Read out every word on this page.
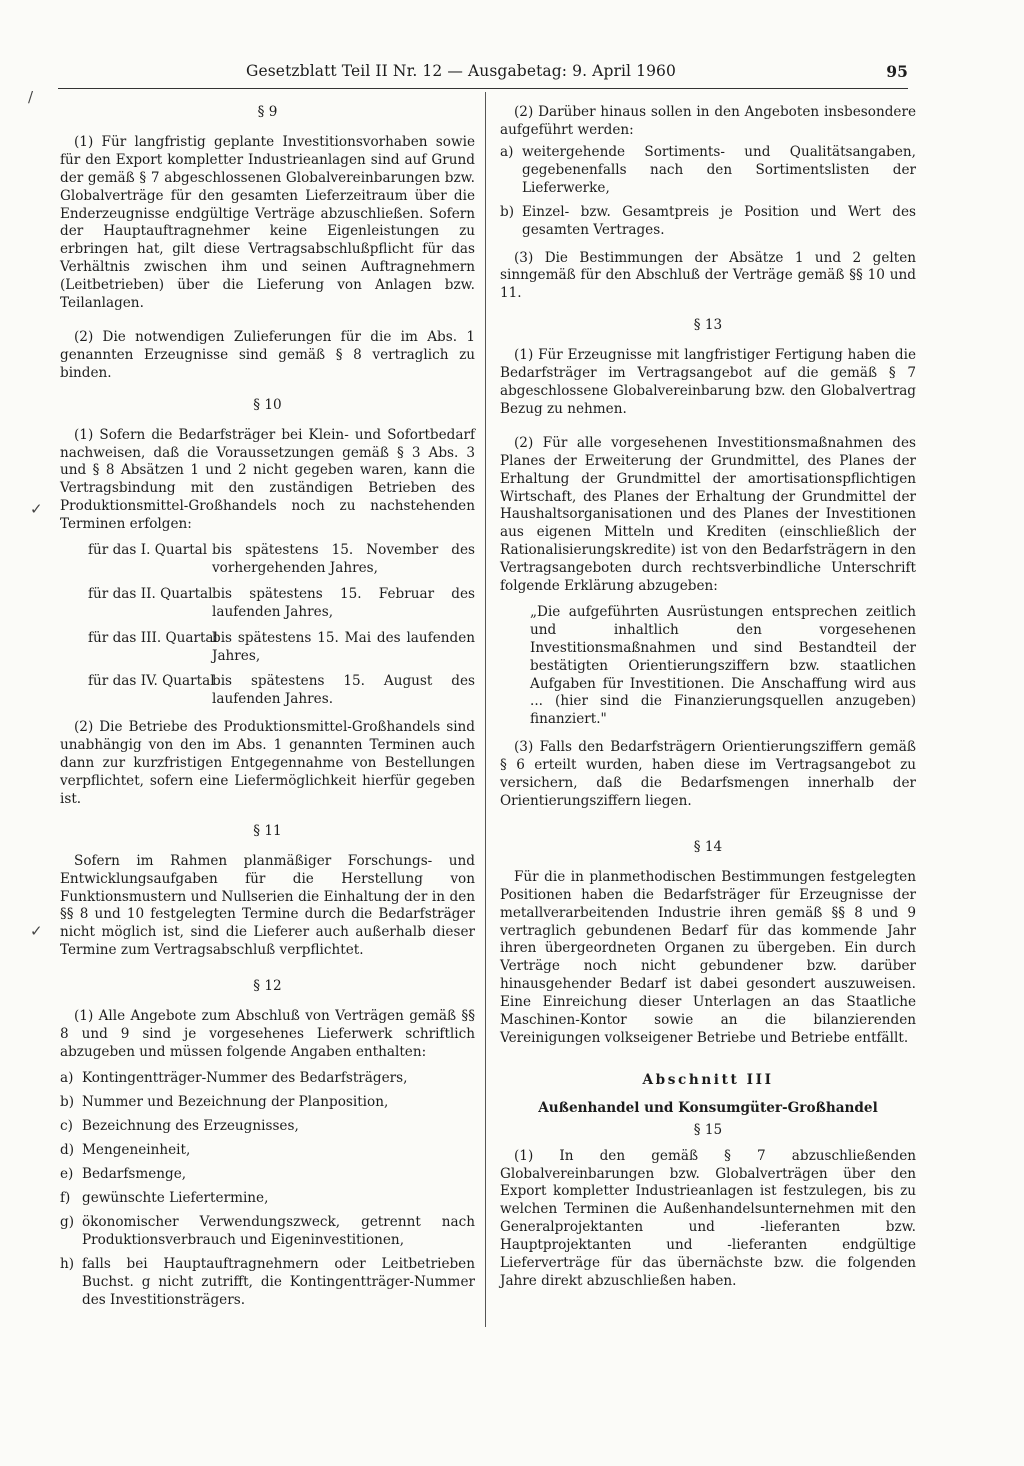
Gesetzblatt Teil II Nr. 12 — Ausgabetag: 9. April 1960	95
/
✓
✓

§ 9

(1) Für langfristig geplante Investitionsvorhaben sowie für den Export kompletter Industrieanlagen sind auf Grund der gemäß § 7 abgeschlossenen Globalvereinbarungen bzw. Globalverträge für den gesamten Lieferzeitraum über die Enderzeugnisse endgültige Verträge abzuschließen. Sofern der Hauptauftragnehmer keine Eigenleistungen zu erbringen hat, gilt diese Vertragsabschlußpflicht für das Verhältnis zwischen ihm und seinen Auftragnehmern (Leitbetrieben) über die Lieferung von Anlagen bzw. Teilanlagen.

(2) Die notwendigen Zulieferungen für die im Abs. 1 genannten Erzeugnisse sind gemäß § 8 vertraglich zu binden.

§ 10

(1) Sofern die Bedarfsträger bei Klein- und Sofortbedarf nachweisen, daß die Voraussetzungen gemäß § 3 Abs. 3 und § 8 Absätzen 1 und 2 nicht gegeben waren, kann die Vertragsbindung mit den zuständigen Betrieben des Produktionsmittel-Großhandels noch zu nachstehenden Terminen erfolgen:

für das I. Quartal bis spätestens 15. November des vorhergehenden Jahres,
für das II. Quartal bis spätestens 15. Februar des laufenden Jahres,
für das III. Quartal
bis spätestens 15. Mai des laufenden Jahres,
für das IV. Quartal
bis spätestens 15. August des laufenden Jahres.

(2) Die Betriebe des Produktionsmittel-Großhandels sind unabhängig von den im Abs. 1 genannten Terminen auch dann zur kurzfristigen Entgegennahme von Bestellungen verpflichtet, sofern eine Liefermöglichkeit hierfür gegeben ist.

§ 11

Sofern im Rahmen planmäßiger Forschungs- und Entwicklungsaufgaben für die Herstellung von Funktionsmustern und Nullserien die Einhaltung der in den §§ 8 und 10 festgelegten Termine durch die Bedarfsträger nicht möglich ist, sind die Lieferer auch außerhalb dieser Termine zum Vertragsabschluß verpflichtet.

§ 12

(1) Alle Angebote zum Abschluß von Verträgen gemäß §§ 8 und 9 sind je vorgesehenes Lieferwerk schriftlich abzugeben und müssen folgende Angaben enthalten:

a) Kontingentträger-Nummer des Bedarfsträgers,
b) Nummer und Bezeichnung der Planposition,
c) Bezeichnung des Erzeugnisses,
d) Mengeneinheit,
e) Bedarfsmenge,
f) gewünschte Liefertermine,
g) ökonomischer Verwendungszweck, getrennt nach Produktionsverbrauch und Eigeninvestitionen,
h) falls bei Hauptauftragnehmern oder Leitbetrieben Buchst. g nicht zutrifft, die Kontingentträger-Nummer des Investitionsträgers.

(2) Darüber hinaus sollen in den Angeboten insbesondere aufgeführt werden:

a) weitergehende Sortiments- und Qualitätsangaben, gegebenenfalls nach den Sortimentslisten der Lieferwerke,
b) Einzel- bzw. Gesamtpreis je Position und Wert des gesamten Vertrages.

(3) Die Bestimmungen der Absätze 1 und 2 gelten sinngemäß für den Abschluß der Verträge gemäß §§ 10 und 11.

§ 13

(1) Für Erzeugnisse mit langfristiger Fertigung haben die Bedarfsträger im Vertragsangebot auf die gemäß § 7 abgeschlossene Globalvereinbarung bzw. den Globalvertrag Bezug zu nehmen.

(2) Für alle vorgesehenen Investitionsmaßnahmen des Planes der Erweiterung der Grundmittel, des Planes der Erhaltung der Grundmittel der amortisationspflichtigen Wirtschaft, des Planes der Erhaltung der Grundmittel der Haushaltsorganisationen und des Planes der Investitionen aus eigenen Mitteln und Krediten (einschließlich der Rationalisierungskredite) ist von den Bedarfsträgern in den Vertragsangeboten durch rechtsverbindliche Unterschrift folgende Erklärung abzugeben:

„Die aufgeführten Ausrüstungen entsprechen zeitlich und inhaltlich den vorgesehenen Investitionsmaßnahmen und sind Bestandteil der bestätigten Orientierungsziffern bzw. staatlichen Aufgaben für Investitionen. Die Anschaffung wird aus ... (hier sind die Finanzierungsquellen anzugeben) finanziert."

(3) Falls den Bedarfsträgern Orientierungsziffern gemäß § 6 erteilt wurden, haben diese im Vertragsangebot zu versichern, daß die Bedarfsmengen innerhalb der Orientierungsziffern liegen.

§ 14

Für die in planmethodischen Bestimmungen festgelegten Positionen haben die Bedarfsträger für Erzeugnisse der metallverarbeitenden Industrie ihren gemäß §§ 8 und 9 vertraglich gebundenen Bedarf für das kommende Jahr ihren übergeordneten Organen zu übergeben. Ein durch Verträge noch nicht gebundener bzw. darüber hinausgehender Bedarf ist dabei gesondert auszuweisen. Eine Einreichung dieser Unterlagen an das Staatliche Maschinen-Kontor sowie an die bilanzierenden Vereinigungen volkseigener Betriebe und Betriebe entfällt.

Abschnitt III

Außenhandel und Konsumgüter-Großhandel

§ 15

(1) In den gemäß § 7 abzuschließenden Globalvereinbarungen bzw. Globalverträgen über den Export kompletter Industrieanlagen ist festzulegen, bis zu welchen Terminen die Außenhandelsunternehmen mit den Generalprojektanten und -lieferanten bzw. Hauptprojektanten und -lieferanten endgültige Lieferverträge für das übernächste bzw. die folgenden Jahre direkt abzuschließen haben.
